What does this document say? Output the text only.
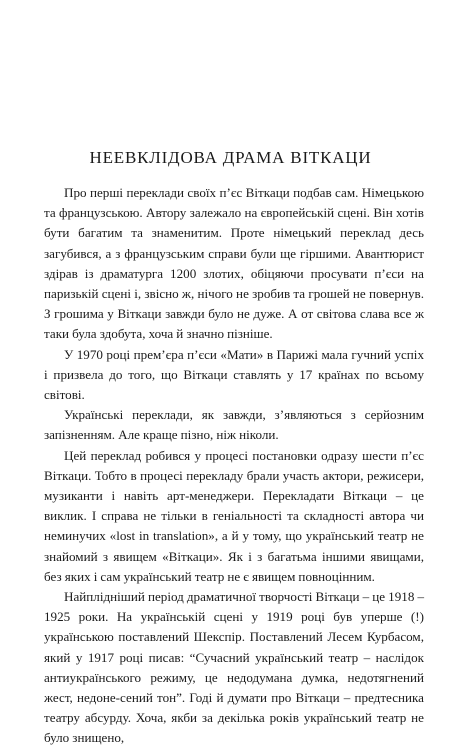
НЕЕВКЛІДОВА ДРАМА ВІТКАЦИ

Про перші переклади своїх п’єс Віткаци подбав сам. Німецькою та французською. Автору залежало на європейській сцені. Він хотів бути багатим та знаменитим. Проте німецький переклад десь загубився, а з французським справи були ще гіршими. Авантюрист здірав із драматурга 1200 злотих, обіцяючи просувати п’єси на паризькій сцені і, звісно ж, нічого не зробив та грошей не повернув. З грошима у Віткаци завжди було не дуже. А от світова слава все ж таки була здобута, хоча й значно пізніше.

У 1970 році прем’єра п’єси «Мати» в Парижі мала гучний успіх і призвела до того, що Віткаци ставлять у 17 країнах по всьому світові.

Українські переклади, як завжди, з’являються з серйозним запізненням. Але краще пізно, ніж ніколи.

Цей переклад робився у процесі постановки одразу шести п’єс Віткаци. Тобто в процесі перекладу брали участь актори, режисери, музиканти і навіть арт-менеджери. Перекладати Віткаци – це виклик. І справа не тільки в геніальності та складності автора чи неминучих «lost in translation», а й у тому, що український театр не знайомий з явищем «Віткаци». Як і з багатьма іншими явищами, без яких і сам український театр не є явищем повноцінним.

Найплідніший період драматичної творчості Віткаци – це 1918 – 1925 роки. На українській сцені у 1919 році був уперше (!) українською поставлений Шекспір. Поставлений Лесем Курбасом, який у 1917 році писав: “Сучасний український театр – наслідок антиукраїнського режиму, це недодумана думка, недотягнений жест, недоне-сений тон”. Годі й думати про Віткаци – предтесника театру абсурду. Хоча, якби за декілька років український театр не було знищено,
